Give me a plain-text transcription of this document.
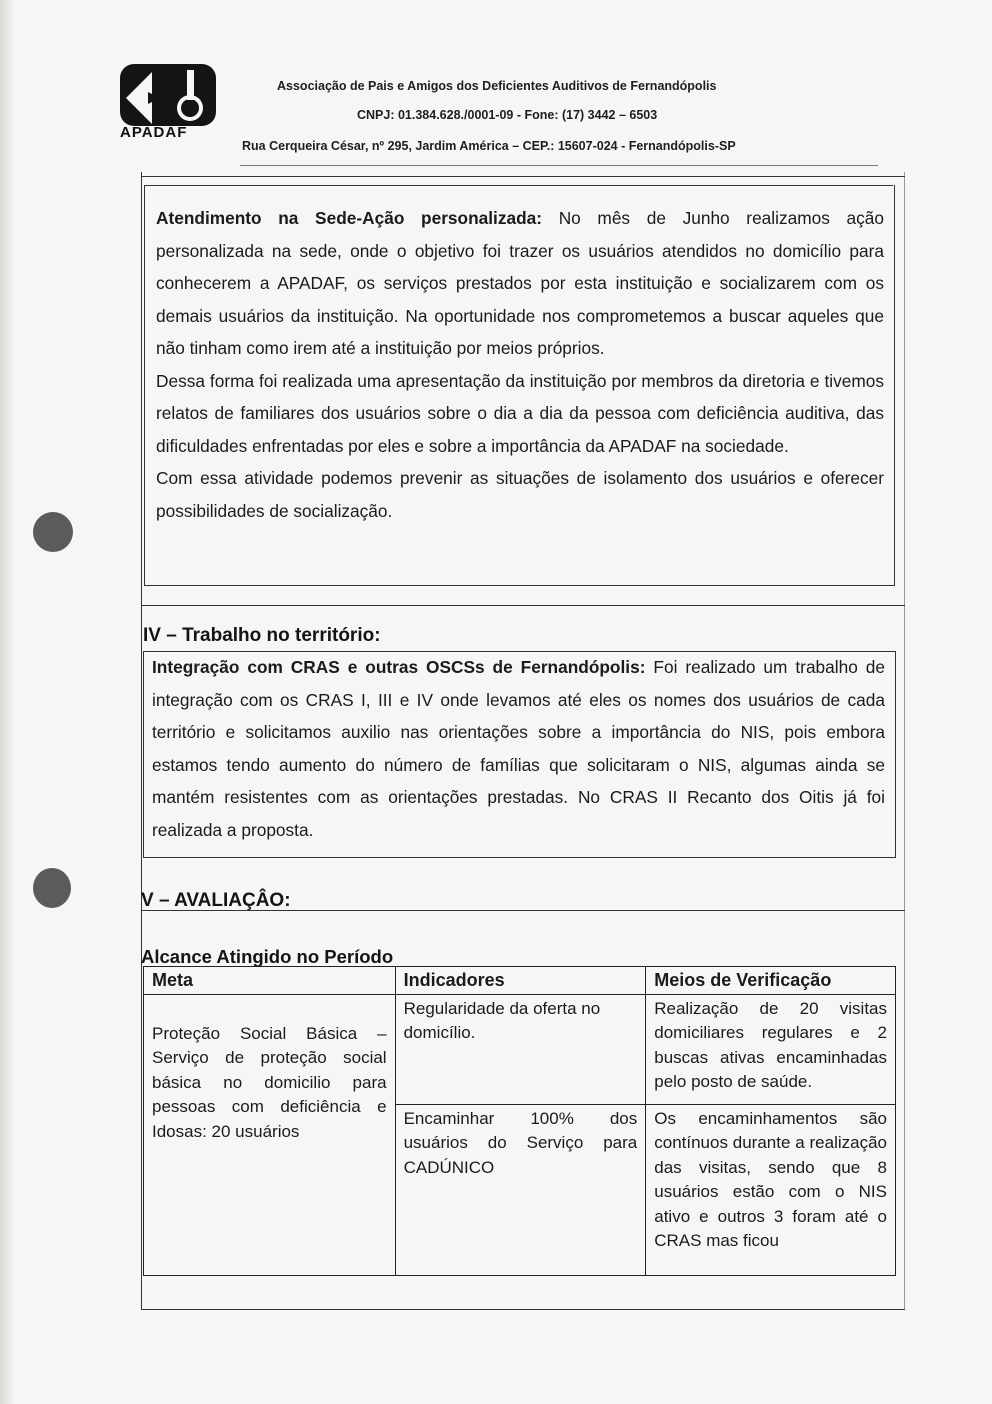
APADAF
Associação de Pais e Amigos dos Deficientes Auditivos de Fernandópolis
CNPJ: 01.384.628./0001-09 - Fone: (17) 3442 – 6503
Rua Cerqueira César, nº 295, Jardim América – CEP.: 15607-024 - Fernandópolis-SP
Atendimento na Sede-Ação personalizada: No mês de Junho realizamos ação personalizada na sede, onde o objetivo foi trazer os usuários atendidos no domicílio para conhecerem a APADAF, os serviços prestados por esta instituição e socializarem com os demais usuários da instituição. Na oportunidade nos comprometemos a buscar aqueles que não tinham como irem até a instituição por meios próprios.
Dessa forma foi realizada uma apresentação da instituição por membros da diretoria e tivemos relatos de familiares dos usuários sobre o dia a dia da pessoa com deficiência auditiva, das dificuldades enfrentadas por eles e sobre a importância da APADAF na sociedade.
Com essa atividade podemos prevenir as situações de isolamento dos usuários e oferecer possibilidades de socialização.
IV – Trabalho no território:
Integração com CRAS e outras OSCSs de Fernandópolis: Foi realizado um trabalho de integração com os CRAS I, III e IV onde levamos até eles os nomes dos usuários de cada território e solicitamos auxilio nas orientações sobre a importância do NIS, pois embora estamos tendo aumento do número de famílias que solicitaram o NIS, algumas ainda se mantém resistentes com as orientações prestadas. No CRAS II Recanto dos Oitis já foi realizada a proposta.
V – AVALIAÇÂO:
Alcance Atingido no Período
Meta	Indicadores	Meios de Verificação
Proteção Social Básica – Serviço de proteção social básica no domicilio para pessoas com deficiência e Idosas: 20 usuários	Regularidade da oferta no domicílio.	Realização de 20 visitas domiciliares regulares e 2 buscas ativas encaminhadas pelo posto de saúde.
	Encaminhar 100% dos usuários do Serviço para CADÚNICO	Os encaminhamentos são contínuos durante a realização das visitas, sendo que 8 usuários estão com o NIS ativo e outros 3 foram até o CRAS mas ficou
